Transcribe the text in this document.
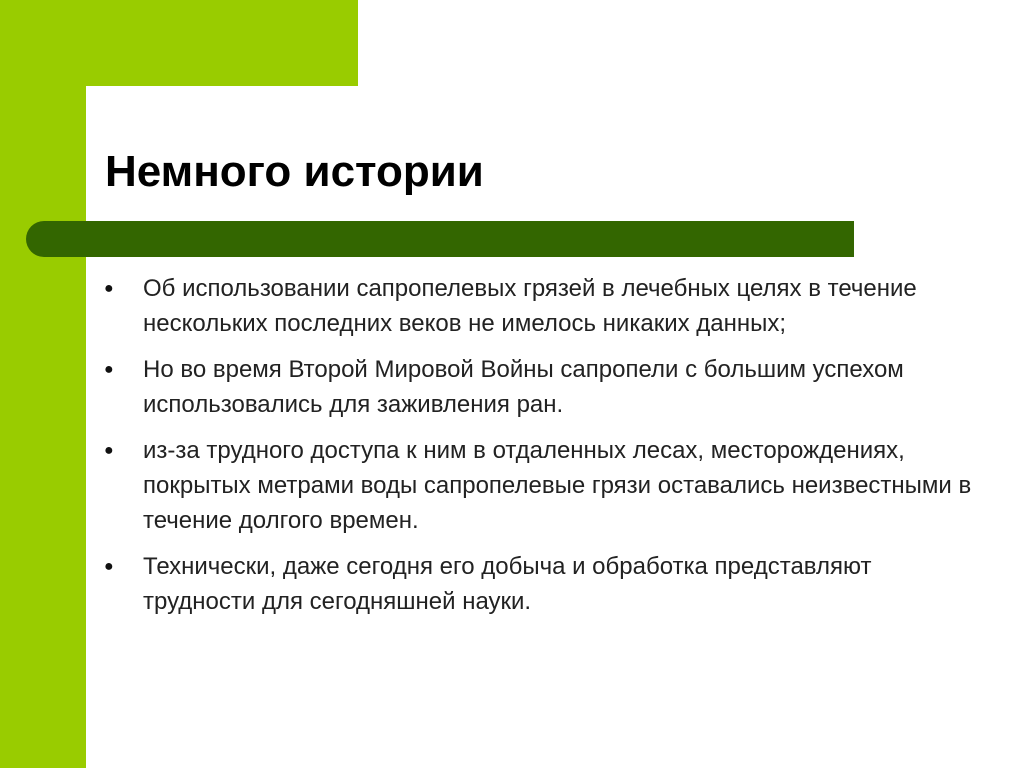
Немного истории
● Об использовании сапропелевых грязей в лечебных целях в течение нескольких последних веков не имелось никаких данных;
● Но во время Второй Мировой Войны сапропели с большим успехом использовались для заживления ран.
● из-за трудного доступа к ним в отдаленных лесах, месторождениях, покрытых метрами воды сапропелевые грязи оставались неизвестными в течение долгого времен.
● Технически, даже сегодня его добыча и обработка представляют трудности для сегодняшней науки.
